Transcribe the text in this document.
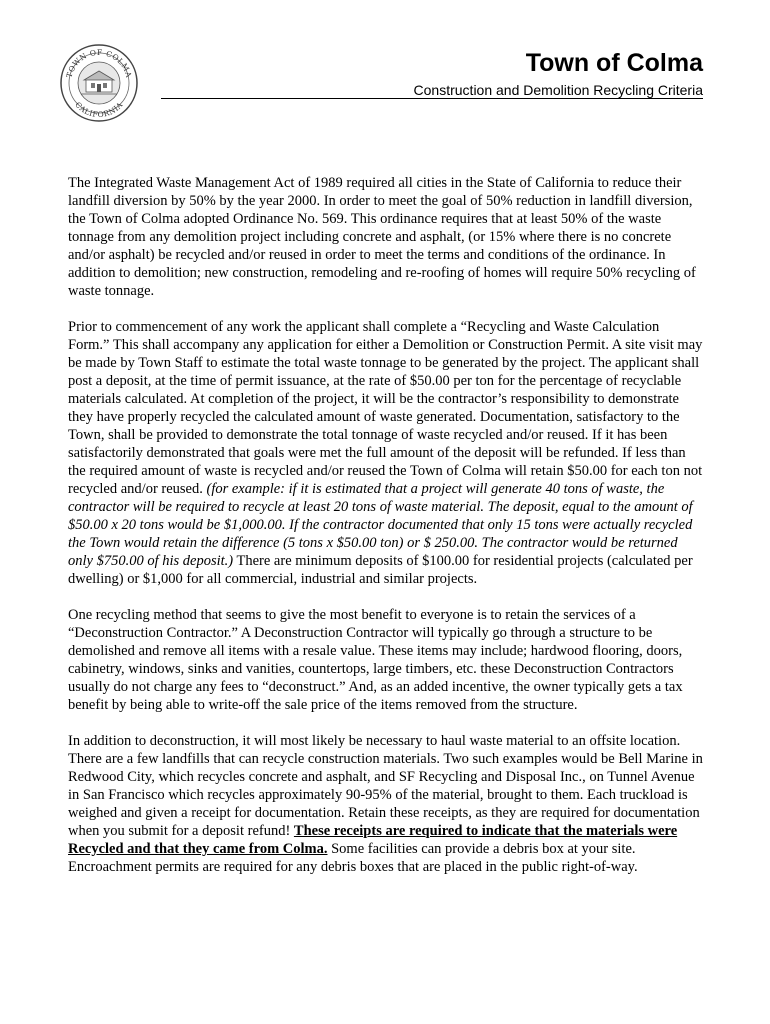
TOWN OF COLMA
CALIFORNIA
Town of Colma
Construction and Demolition Recycling Criteria

The Integrated Waste Management Act of 1989 required all cities in the State of California to reduce their landfill diversion by 50% by the year 2000. In order to meet the goal of 50% reduction in landfill diversion, the Town of Colma adopted Ordinance No. 569. This ordinance requires that at least 50% of the waste tonnage from any demolition project including concrete and asphalt, (or 15% where there is no concrete and/or asphalt) be recycled and/or reused in order to meet the terms and conditions of the ordinance. In addition to demolition; new construction, remodeling and re-roofing of homes will require 50% recycling of waste tonnage.

Prior to commencement of any work the applicant shall complete a “Recycling and Waste Calculation Form.” This shall accompany any application for either a Demolition or Construction Permit. A site visit may be made by Town Staff to estimate the total waste tonnage to be generated by the project. The applicant shall post a deposit, at the time of permit issuance, at the rate of $50.00 per ton for the percentage of recyclable materials calculated. At completion of the project, it will be the contractor’s responsibility to demonstrate they have properly recycled the calculated amount of waste generated. Documentation, satisfactory to the Town, shall be provided to demonstrate the total tonnage of waste recycled and/or reused. If it has been satisfactorily demonstrated that goals were met the full amount of the deposit will be refunded. If less than the required amount of waste is recycled and/or reused the Town of Colma will retain $50.00 for each ton not recycled and/or reused. (for example: if it is estimated that a project will generate 40 tons of waste, the contractor will be required to recycle at least 20 tons of waste material. The deposit, equal to the amount of $50.00 x 20 tons would be $1,000.00. If the contractor documented that only 15 tons were actually recycled the Town would retain the difference (5 tons x $50.00 ton) or $ 250.00. The contractor would be returned only $750.00 of his deposit.) There are minimum deposits of $100.00 for residential projects (calculated per dwelling) or $1,000 for all commercial, industrial and similar projects.

One recycling method that seems to give the most benefit to everyone is to retain the services of a “Deconstruction Contractor.” A Deconstruction Contractor will typically go through a structure to be demolished and remove all items with a resale value. These items may include; hardwood flooring, doors, cabinetry, windows, sinks and vanities, countertops, large timbers, etc. these Deconstruction Contractors usually do not charge any fees to “deconstruct.” And, as an added incentive, the owner typically gets a tax benefit by being able to write-off the sale price of the items removed from the structure.

In addition to deconstruction, it will most likely be necessary to haul waste material to an offsite location. There are a few landfills that can recycle construction materials. Two such examples would be Bell Marine in Redwood City, which recycles concrete and asphalt, and SF Recycling and Disposal Inc., on Tunnel Avenue in San Francisco which recycles approximately 90-95% of the material, brought to them. Each truckload is weighed and given a receipt for documentation. Retain these receipts, as they are required for documentation when you submit for a deposit refund! These receipts are required to indicate that the materials were Recycled and that they came from Colma. Some facilities can provide a debris box at your site. Encroachment permits are required for any debris boxes that are placed in the public right-of-way.
